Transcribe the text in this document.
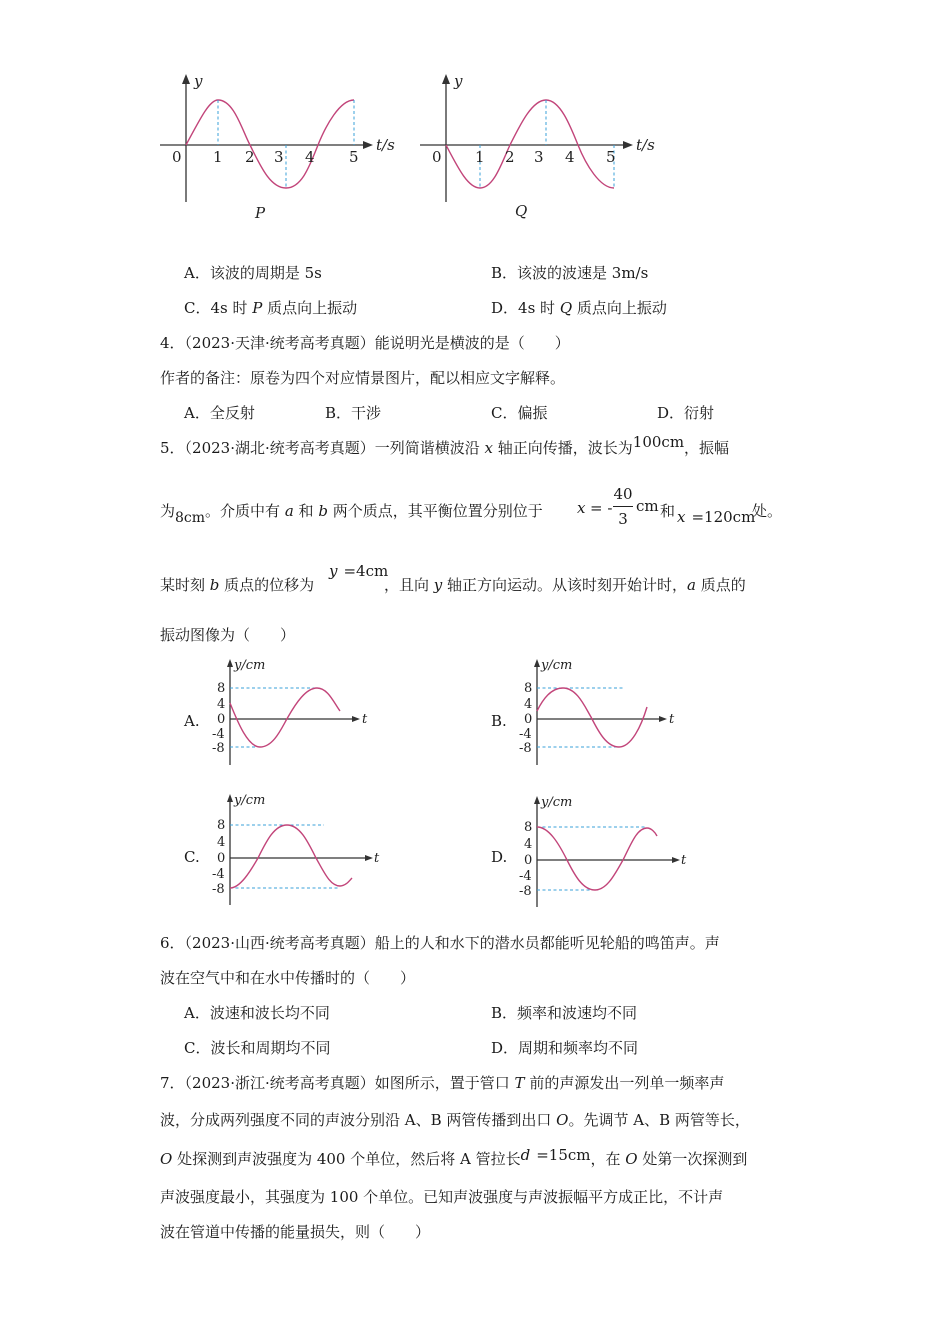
y
t/s
0 1 2 3 4 5
P
y
t/s
0 1 2 3 4 5
Q
A．该波的周期是 5s	B．该波的波速是 3m/s
C．4s 时 P 质点向上振动	D．4s 时 Q 质点向上振动
4．（2023·天津·统考高考真题）能说明光是横波的是（　　）
作者的备注：原卷为四个对应情景图片，配以相应文字解释。
A．全反射	B．干涉	C．偏振	D．衍射
5．（2023·湖北·统考高考真题）一列简谐横波沿 x 轴正向传播，波长为100cm，振幅
为8cm。介质中有 a 和 b 两个质点，其平衡位置分别位于 x = -
40
3
cm 和 x =120cm
处。
某时刻 b 质点的位移为
y =4cm
，且向 y 轴正方向运动。从该时刻开始计时，a 质点的
振动图像为（　　）
A.	B.
C.	D.
y/cm
t
8
4
0
-4
-8
y/cm
t
8
4
0
-4
-8
y/cm
t
8
4
0
-4
-8
y/cm
t
8
4
0
-4
-8
6．（2023·山西·统考高考真题）船上的人和水下的潜水员都能听见轮船的鸣笛声。声
波在空气中和在水中传播时的（　　）
A．波速和波长均不同	B．频率和波速均不同
C．波长和周期均不同	D．周期和频率均不同
7．（2023·浙江·统考高考真题）如图所示，置于管口 T 前的声源发出一列单一频率声
波，分成两列强度不同的声波分别沿 A、B 两管传播到出口 O。先调节 A、B 两管等长，
O 处探测到声波强度为 400 个单位，然后将 A 管拉长d =15cm，在 O 处第一次探测到
声波强度最小，其强度为 100 个单位。已知声波强度与声波振幅平方成正比，不计声
波在管道中传播的能量损失，则（　　）
